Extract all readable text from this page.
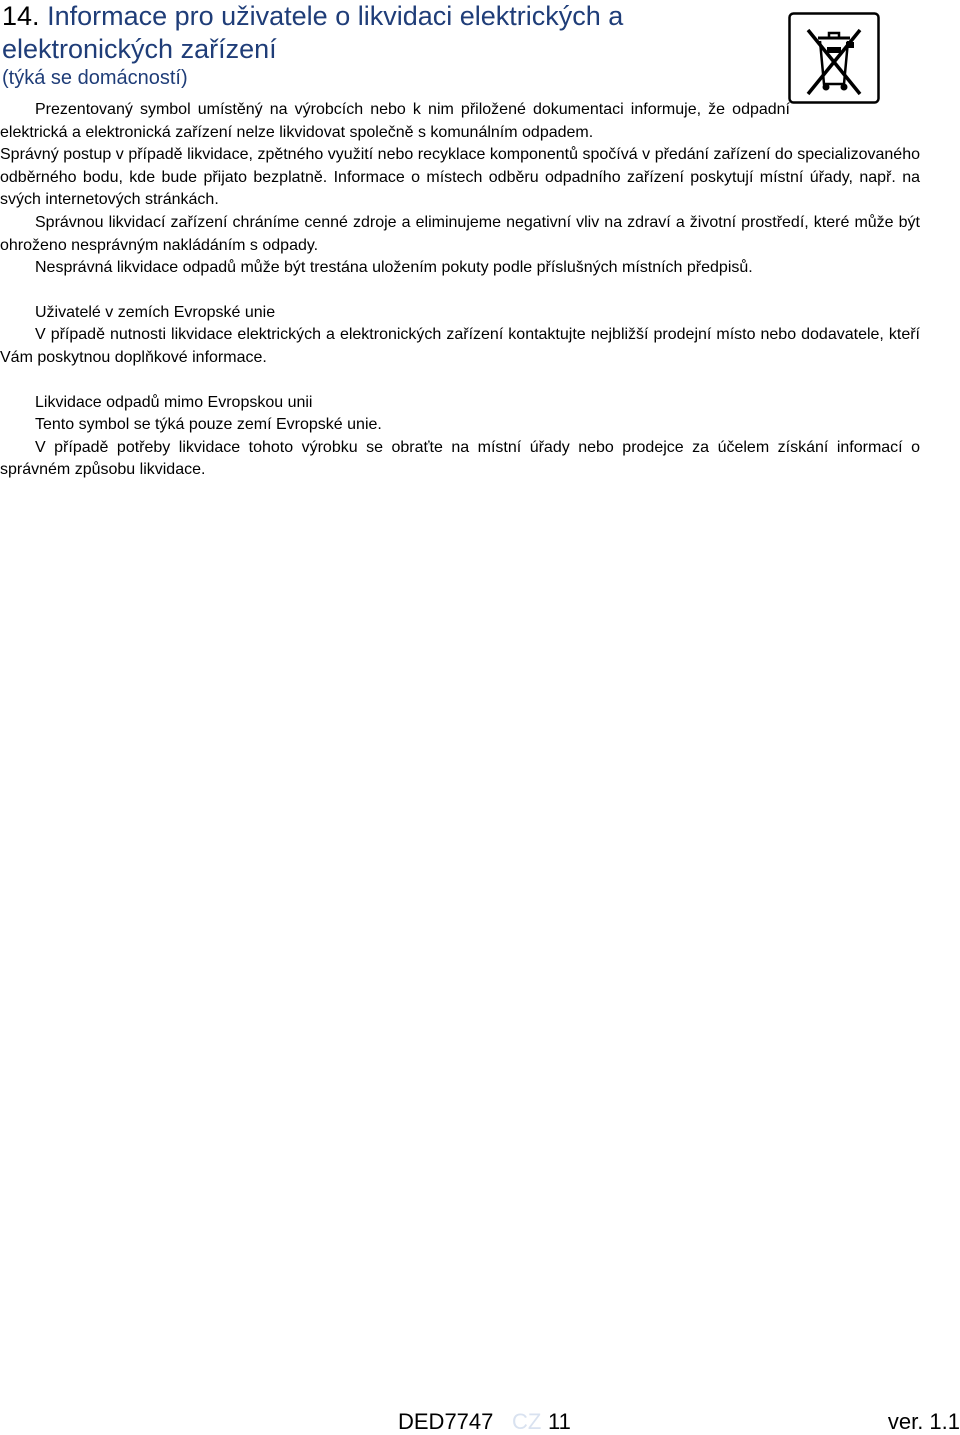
14. Informace pro uživatele o likvidaci elektrických a elektronických zařízení
(týká se domácností)

Prezentovaný symbol umístěný na výrobcích nebo k nim přiložené dokumentaci informuje, že odpadní elektrická a elektronická zařízení nelze likvidovat společně s komunálním odpadem.

Správný postup v případě likvidace, zpětného využití nebo recyklace komponentů spočívá v předání zařízení do specializovaného odběrného bodu, kde bude přijato bezplatně. Informace o místech odběru odpadního zařízení poskytují místní úřady, např. na svých internetových stránkách.

Správnou likvidací zařízení chráníme cenné zdroje a eliminujeme negativní vliv na zdraví a životní prostředí, které může být ohroženo nesprávným nakládáním s odpady.

Nesprávná likvidace odpadů může být trestána uložením pokuty podle příslušných místních předpisů.

Uživatelé v zemích Evropské unie

V případě nutnosti likvidace elektrických a elektronických zařízení kontaktujte nejbližší prodejní místo nebo dodavatele, kteří Vám poskytnou doplňkové informace.

Likvidace odpadů mimo Evropskou unii

Tento symbol se týká pouze zemí Evropské unie.

V případě potřeby likvidace tohoto výrobku se obraťte na místní úřady nebo prodejce za účelem získání informací o správném způsobu likvidace.

DED7747 CZ 11	ver. 1.1
